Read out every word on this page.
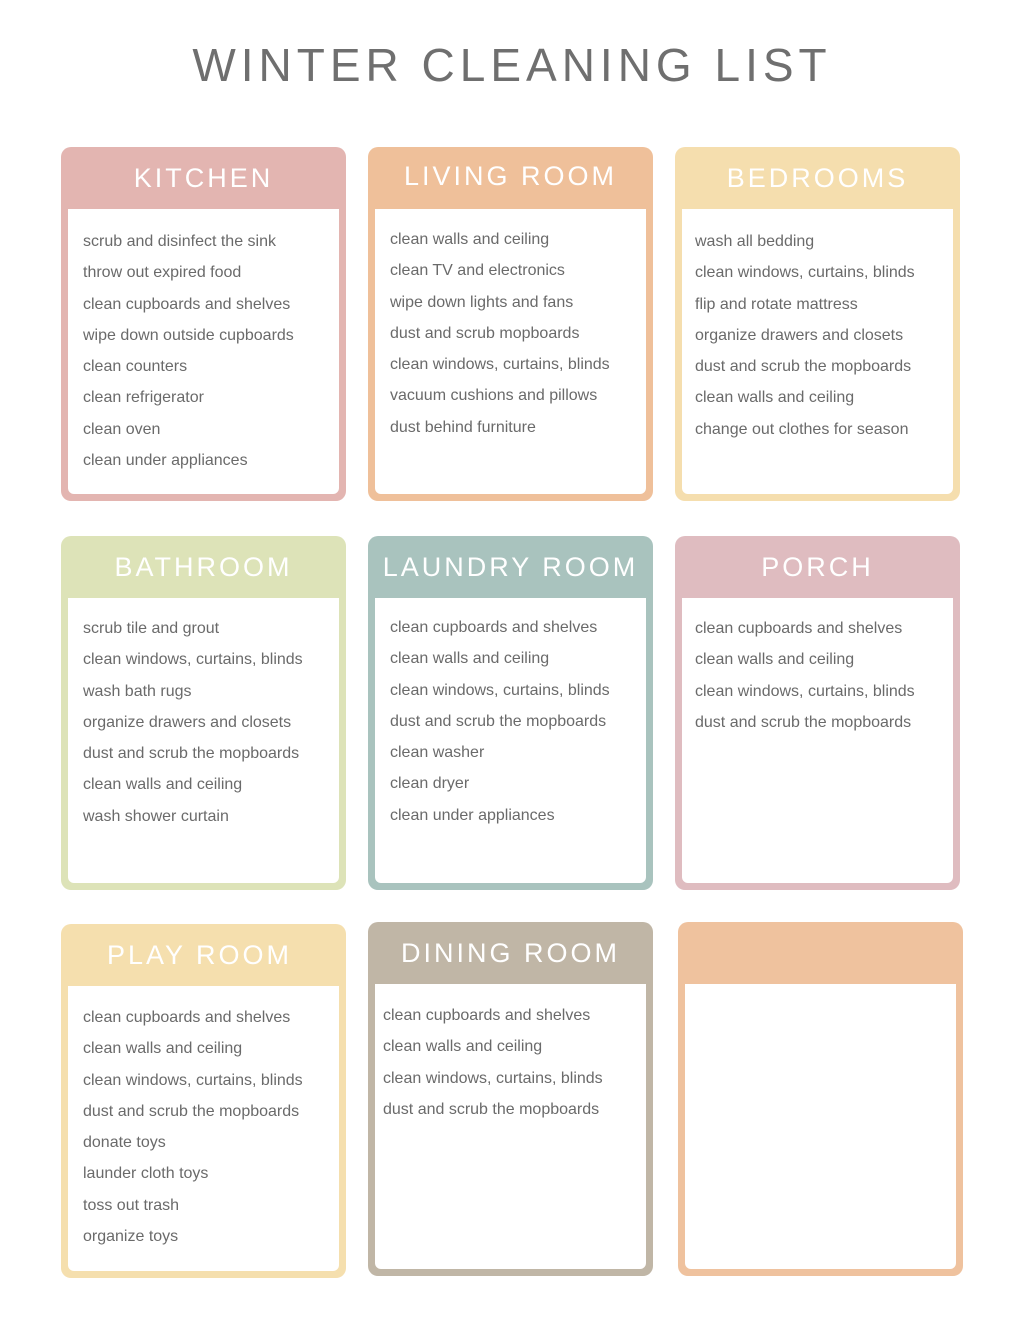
WINTER CLEANING LIST
KITCHEN
scrub and disinfect the sink
throw out expired food
clean cupboards and shelves
wipe down outside cupboards
clean counters
clean refrigerator
clean oven
clean under appliances
LIVING ROOM
clean walls and ceiling
clean TV and electronics
wipe down lights and fans
dust and scrub mopboards
clean windows, curtains, blinds
vacuum cushions and pillows
dust behind furniture
BEDROOMS
wash all bedding
clean windows, curtains, blinds
flip and rotate mattress
organize drawers and closets
dust and scrub the mopboards
clean walls and ceiling
change out clothes for season
BATHROOM
scrub tile and grout
clean windows, curtains, blinds
wash bath rugs
organize drawers and closets
dust and scrub the mopboards
clean walls and ceiling
wash shower curtain
LAUNDRY ROOM
clean cupboards and shelves
clean walls and ceiling
clean windows, curtains, blinds
dust and scrub the mopboards
clean washer
clean dryer
clean under appliances
PORCH
clean cupboards and shelves
clean walls and ceiling
clean windows, curtains, blinds
dust and scrub the mopboards
PLAY ROOM
clean cupboards and shelves
clean walls and ceiling
clean windows, curtains, blinds
dust and scrub the mopboards
donate toys
launder cloth toys
toss out trash
organize toys
DINING ROOM
clean cupboards and shelves
clean walls and ceiling
clean windows, curtains, blinds
dust and scrub the mopboards
